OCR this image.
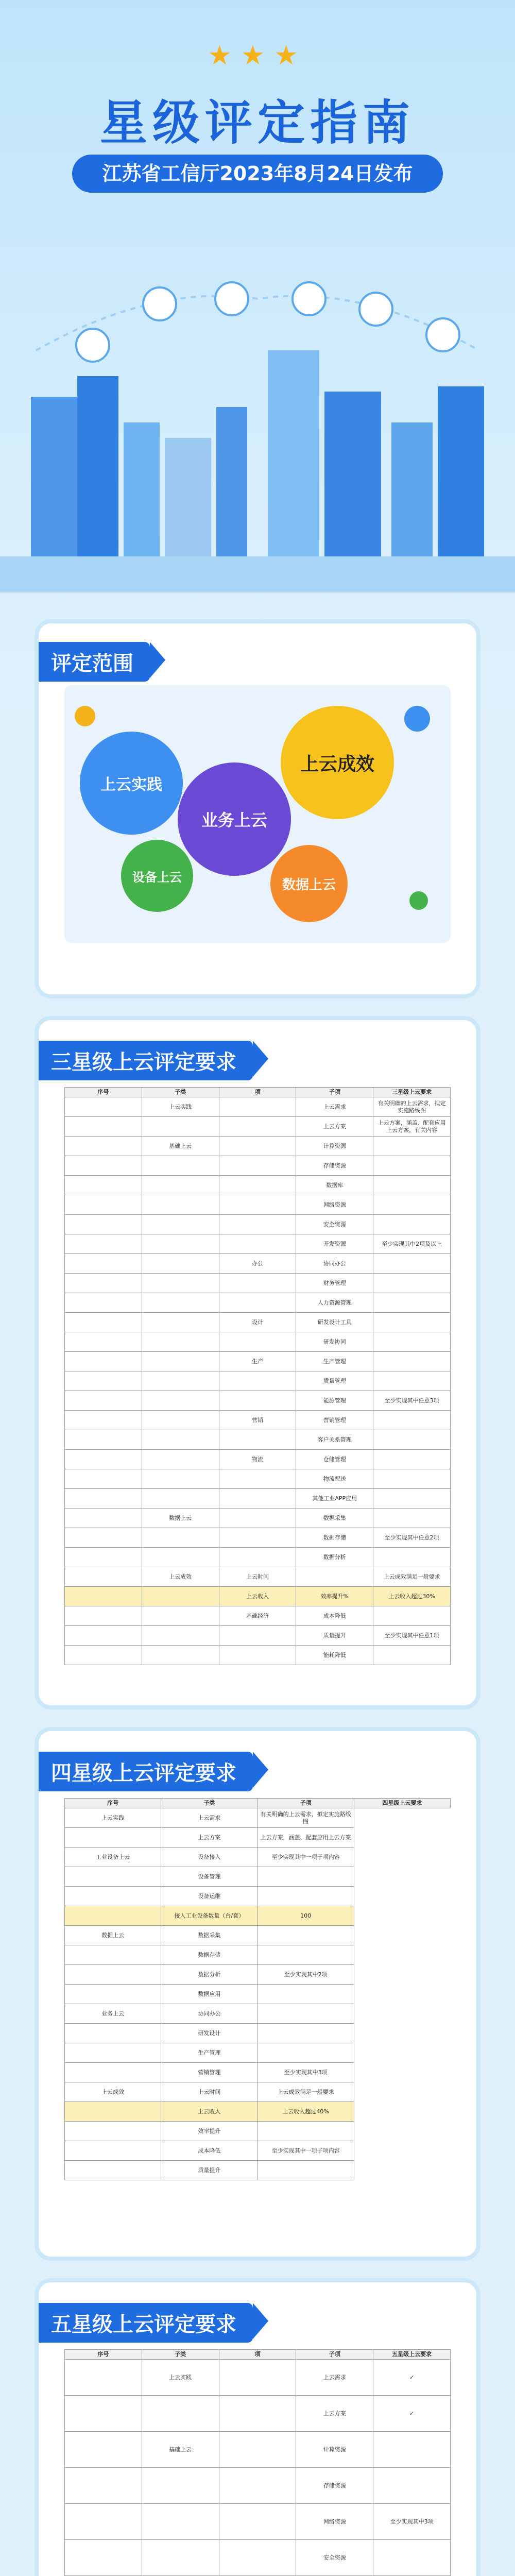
★★★
星级评定指南
江苏省工信厅2023年8月24日发布
评定范围
上云实践
上云成效
业务上云
设备上云	数据上云
三星级上云评定要求
序号	子类	项	子项	三星级上云要求
	上云实践		上云需求	有关明确的上云需求，拟定实施路线图
			上云方案	上云方案，涵盖、配套应用上云方案，有关内容
	基础上云		计算资源	
			存储资源	
			数据库	
			网络资源	
			安全资源	
			开发资源	至少实现其中2项及以上
		办公	协同办公	
			财务管理	
			人力资源管理	
		设计	研发设计工具	
			研发协同	
		生产	生产管理	
			质量管理	
			能源管理	至少实现其中任意3项
		营销	营销管理	
			客户关系管理	
		物流	仓储管理	
			物流配送	
			其他工业APP应用	
	数据上云		数据采集	
			数据存储	至少实现其中任意2项
			数据分析	
	上云成效	上云时间		上云成效满足一般要求
		上云收入	效率提升%	上云收入超过30%
		基础经济	成本降低	
			质量提升	至少实现其中任意1项
			能耗降低	
四星级上云评定要求
序号	子类	子项	四星级上云要求
上云实践	上云需求	有关明确的上云需求，拟定实施路线图	
	上云方案	上云方案，涵盖、配套应用上云方案	
工业设备上云	设备接入	至少实现其中一项子项内容	
	设备管理		
	设备运维		
	接入工业设备数量（台/套）	100	
数据上云	数据采集		
	数据存储		
	数据分析	至少实现其中2项	
	数据应用		
业务上云	协同办公		
	研发设计		
	生产管理		
	营销管理	至少实现其中3项	
上云成效	上云时间	上云成效满足一般要求	
	上云收入	上云收入超过40%	
	效率提升		
	成本降低	至少实现其中一项子项内容	
	质量提升		
五星级上云评定要求
序号	子类	项	子项	五星级上云要求
	上云实践		上云需求	✓
			上云方案	✓
	基础上云		计算资源	
			存储资源	
			网络资源	至少实现其中3项
			安全资源	
